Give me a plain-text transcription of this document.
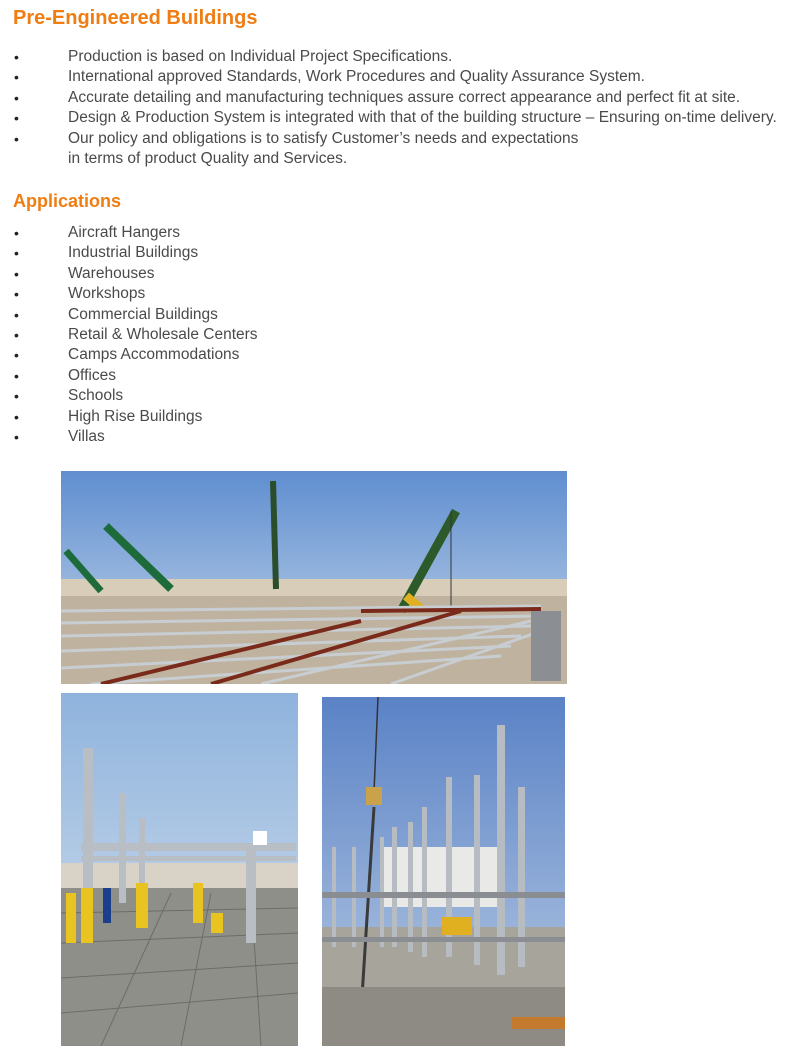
Pre-Engineered Buildings
•	Production is based on Individual Project Specifications.
•	International approved Standards, Work Procedures and Quality Assurance System.
•	Accurate detailing and manufacturing techniques assure correct appearance and perfect fit at site.
•	Design & Production System is integrated with that of the building structure – Ensuring on-time delivery.
•	Our policy and obligations is to satisfy Customer’s needs and expectations
in terms of product Quality and Services.
Applications
•	Aircraft Hangers
•	Industrial Buildings
•	Warehouses
•	Workshops
•	Commercial Buildings
•	Retail & Wholesale Centers
•	Camps Accommodations
•	Offices
•	Schools
•	High Rise Buildings
•	Villas
